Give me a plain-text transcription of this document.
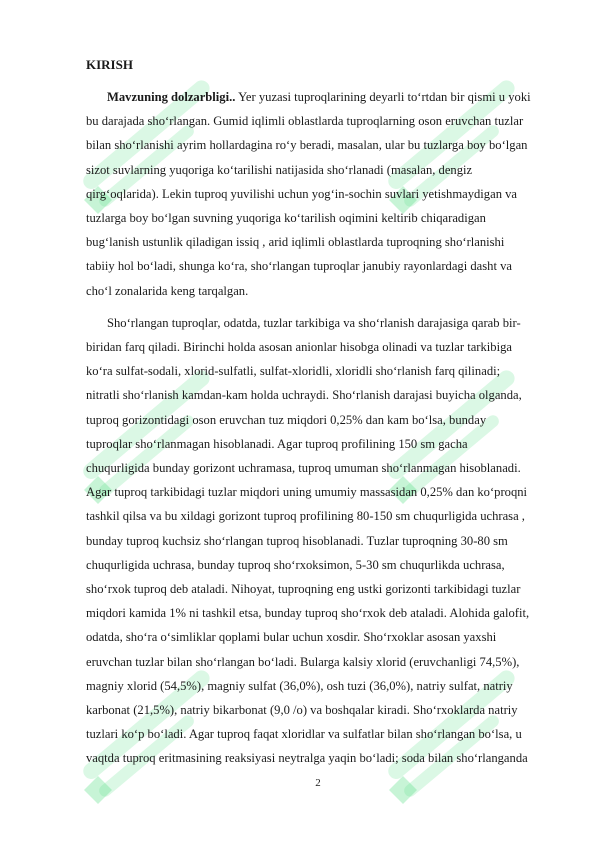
KIRISH
Mavzuning dolzarbligi.. Yer yuzasi tuproqlarining deyarli to‘rtdan bir qismi u yoki
bu darajada sho‘rlangan. Gumid iqlimli oblastlarda tuproqlarning oson eruvchan tuzlar
bilan sho‘rlanishi ayrim hollardagina ro‘y beradi, masalan, ular bu tuzlarga boy bo‘lgan
sizot suvlarning yuqoriga ko‘tarilishi natijasida sho‘rlanadi (masalan, dengiz
qirg‘oqlarida). Lekin tuproq yuvilishi uchun yog‘in-sochin suvlari yetishmaydigan va
tuzlarga boy bo‘lgan suvning yuqoriga ko‘tarilish oqimini keltirib chiqaradigan
bug‘lanish ustunlik qiladigan issiq , arid iqlimli oblastlarda tuproqning sho‘rlanishi
tabiiy hol bo‘ladi, shunga ko‘ra, sho‘rlangan tuproqlar janubiy rayonlardagi dasht va
cho‘l zonalarida keng tarqalgan.
Sho‘rlangan tuproqlar, odatda, tuzlar tarkibiga va sho‘rlanish darajasiga qarab bir-
biridan farq qiladi. Birinchi holda asosan anionlar hisobga olinadi va tuzlar tarkibiga
ko‘ra sulfat-sodali, xlorid-sulfatli, sulfat-xloridli, xloridli sho‘rlanish farq qilinadi;
nitratli sho‘rlanish kamdan-kam holda uchraydi. Sho‘rlanish darajasi buyicha olganda,
tuproq gorizontidagi oson eruvchan tuz miqdori 0,25% dan kam bo‘lsa, bunday
tuproqlar sho‘rlanmagan hisoblanadi. Agar tuproq profilining 150 sm gacha
chuqurligida bunday gorizont uchramasa, tuproq umuman sho‘rlanmagan hisoblanadi.
Agar tuproq tarkibidagi tuzlar miqdori uning umumiy massasidan 0,25% dan ko‘proqni
tashkil qilsa va bu xildagi gorizont tuproq profilining 80-150 sm chuqurligida uchrasa ,
bunday tuproq kuchsiz sho‘rlangan tuproq hisoblanadi. Tuzlar tuproqning 30-80 sm
chuqurligida uchrasa, bunday tuproq sho‘rxoksimon, 5-30 sm chuqurlikda uchrasa,
sho‘rxok tuproq deb ataladi. Nihoyat, tuproqning eng ustki gorizonti tarkibidagi tuzlar
miqdori kamida 1% ni tashkil etsa, bunday tuproq sho‘rxok deb ataladi. Alohida galofit,
odatda, sho‘ra o‘simliklar qoplami bular uchun xosdir. Sho‘rxoklar asosan yaxshi
eruvchan tuzlar bilan sho‘rlangan bo‘ladi. Bularga kalsiy xlorid (eruvchanligi 74,5%),
magniy xlorid (54,5%), magniy sulfat (36,0%), osh tuzi (36,0%), natriy sulfat, natriy
karbonat (21,5%), natriy bikarbonat (9,0 /o) va boshqalar kiradi. Sho‘rxoklarda natriy
tuzlari ko‘p bo‘ladi. Agar tuproq faqat xloridlar va sulfatlar bilan sho‘rlangan bo‘lsa, u
vaqtda tuproq eritmasining reaksiyasi neytralga yaqin bo‘ladi; soda bilan sho‘rlanganda
2
